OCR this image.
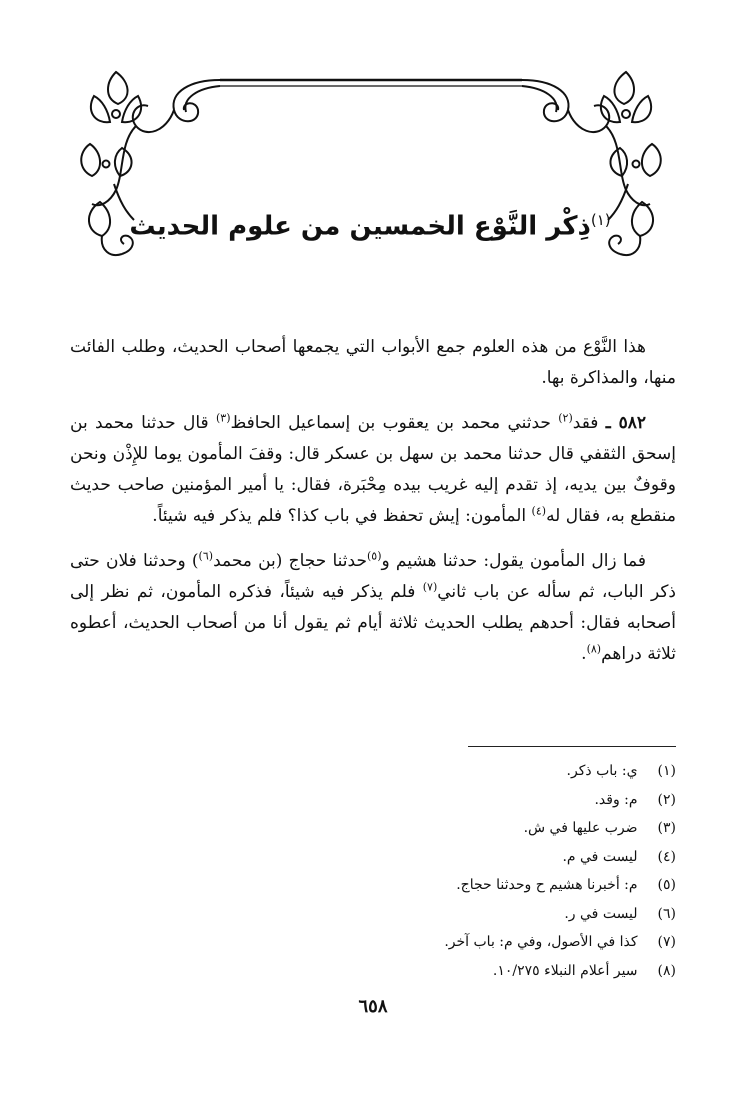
$^{(١)}$ذِكْر النَّوْع الخمسين من علوم الحديث

هذا النَّوْع من هذه العلوم جمع الأبواب التي يجمعها أصحاب الحديث، وطلب الفائت منها، والمذاكرة بها.

٥٨٢ ـ فقد$^{(٢)}$ حدثني محمد بن يعقوب بن إسماعيل الحافظ$^{(٣)}$ قال حدثنا محمد بن إسحق الثقفي قال حدثنا محمد بن سهل بن عسكر قال: وقفَ المأمون يوما للإِذْن ونحن وقوفٌ بين يديه، إذ تقدم إليه غريب بيده مِحْبَرة، فقال: يا أمير المؤمنين صاحب حديث منقطع به، فقال له$^{(٤)}$ المأمون: إيش تحفظ في باب كذا؟ فلم يذكر فيه شيئاً.

فما زال المأمون يقول: حدثنا هشيم و$^{(٥)}$حدثنا حجاج (بن محمد$^{(٦)}$) وحدثنا فلان حتى ذكر الباب، ثم سأله عن باب ثاني$^{(٧)}$ فلم يذكر فيه شيئاً، فذكره المأمون، ثم نظر إلى أصحابه فقال: أحدهم يطلب الحديث ثلاثة أيام ثم يقول أنا من أصحاب الحديث، أعطوه ثلاثة دراهم$^{(٨)}$.

(١) ي: باب ذكر.
(٢) م: وقد.
(٣) ضرب عليها في ش.
(٤) ليست في م.
(٥) م: أخبرنا هشيم ح وحدثنا حجاج.
(٦) ليست في ر.
(٧) كذا في الأصول، وفي م: باب آخر.
(٨) سير أعلام النبلاء ١٠/٢٧٥.
٦٥٨
